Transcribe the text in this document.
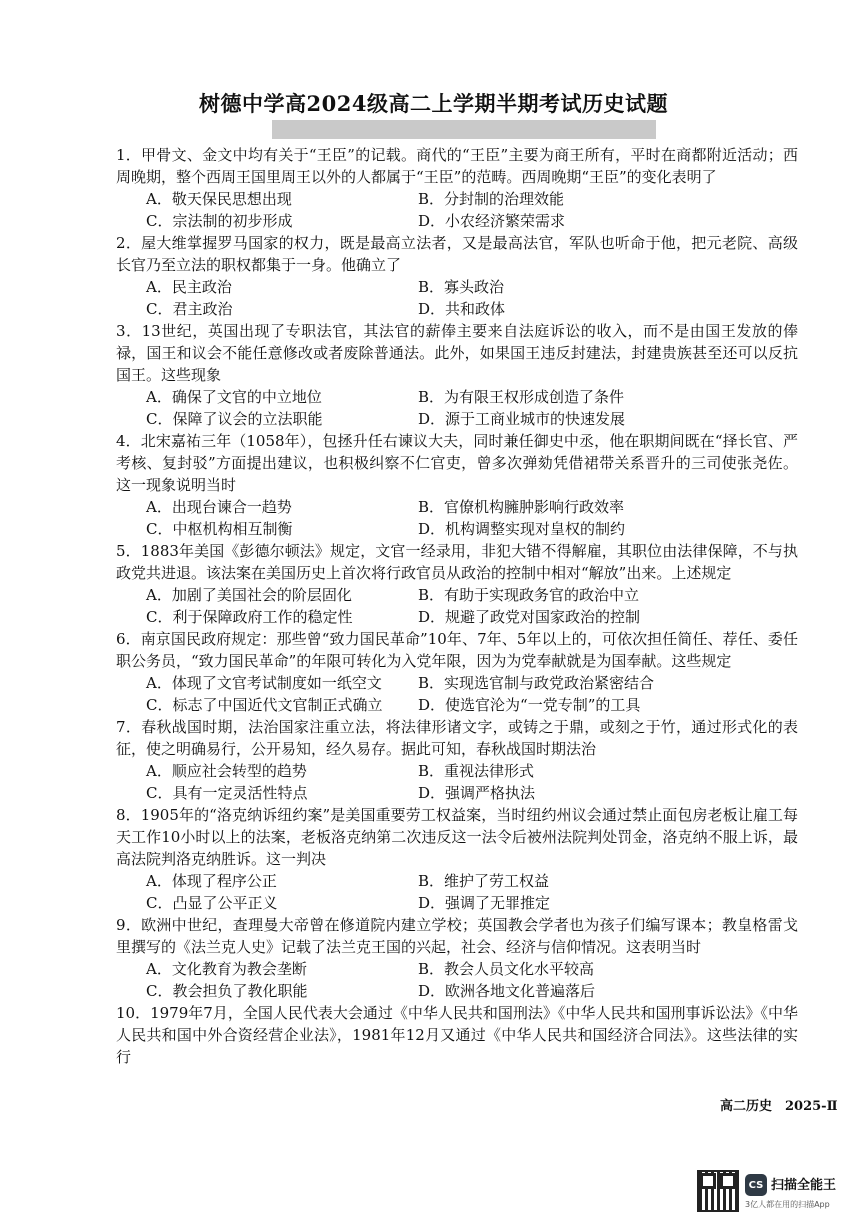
树德中学高2024级高二上学期半期考试历史试题

1．甲骨文、金文中均有关于“王臣”的记载。商代的“王臣”主要为商王所有，平时在商都附近活动；西周晚期，整个西周王国里周王以外的人都属于“王臣”的范畴。西周晚期“王臣”的变化表明了

A．敬天保民思想出现	B．分封制的治理效能
C．宗法制的初步形成	D．小农经济繁荣需求

2．屋大维掌握罗马国家的权力，既是最高立法者，又是最高法官，军队也听命于他，把元老院、高级长官乃至立法的职权都集于一身。他确立了

A．民主政治	B．寡头政治
C．君主政治	D．共和政体

3．13世纪，英国出现了专职法官，其法官的薪俸主要来自法庭诉讼的收入，而不是由国王发放的俸禄，国王和议会不能任意修改或者废除普通法。此外，如果国王违反封建法，封建贵族甚至还可以反抗国王。这些现象

A．确保了文官的中立地位	B．为有限王权形成创造了条件
C．保障了议会的立法职能	D．源于工商业城市的快速发展

4．北宋嘉祐三年（1058年），包拯升任右谏议大夫，同时兼任御史中丞，他在职期间既在“择长官、严考核、复封驳”方面提出建议，也积极纠察不仁官吏，曾多次弹劾凭借裙带关系晋升的三司使张尧佐。这一现象说明当时

A．出现台谏合一趋势	B．官僚机构臃肿影响行政效率
C．中枢机构相互制衡	D．机构调整实现对皇权的制约

5．1883年美国《彭德尔顿法》规定，文官一经录用，非犯大错不得解雇，其职位由法律保障，不与执政党共进退。该法案在美国历史上首次将行政官员从政治的控制中相对“解放”出来。上述规定

A．加剧了美国社会的阶层固化	B．有助于实现政务官的政治中立
C．利于保障政府工作的稳定性	D．规避了政党对国家政治的控制

6．南京国民政府规定：那些曾“致力国民革命”10年、7年、5年以上的，可依次担任简任、荐任、委任职公务员，“致力国民革命”的年限可转化为入党年限，因为为党奉献就是为国奉献。这些规定

A．体现了文官考试制度如一纸空文	B．实现选官制与政党政治紧密结合
C．标志了中国近代文官制正式确立	D．使选官沦为“一党专制”的工具

7．春秋战国时期，法治国家注重立法，将法律形诸文字，或铸之于鼎，或刻之于竹，通过形式化的表征，使之明确易行，公开易知，经久易存。据此可知，春秋战国时期法治

A．顺应社会转型的趋势	B．重视法律形式
C．具有一定灵活性特点	D．强调严格执法

8．1905年的“洛克纳诉纽约案”是美国重要劳工权益案，当时纽约州议会通过禁止面包房老板让雇工每天工作10小时以上的法案，老板洛克纳第二次违反这一法令后被州法院判处罚金，洛克纳不服上诉，最高法院判洛克纳胜诉。这一判决

A．体现了程序公正	B．维护了劳工权益
C．凸显了公平正义	D．强调了无罪推定

9．欧洲中世纪，查理曼大帝曾在修道院内建立学校；英国教会学者也为孩子们编写课本；教皇格雷戈里撰写的《法兰克人史》记载了法兰克王国的兴起，社会、经济与信仰情况。这表明当时

A．文化教育为教会垄断	B．教会人员文化水平较高
C．教会担负了教化职能	D．欧洲各地文化普遍落后

10．1979年7月，全国人民代表大会通过《中华人民共和国刑法》《中华人民共和国刑事诉讼法》《中华人民共和国中外合资经营企业法》，1981年12月又通过《中华人民共和国经济合同法》。这些法律的实行

高二历史　2025-Ⅱ
CS 扫描全能王
3亿人都在用的扫描App
